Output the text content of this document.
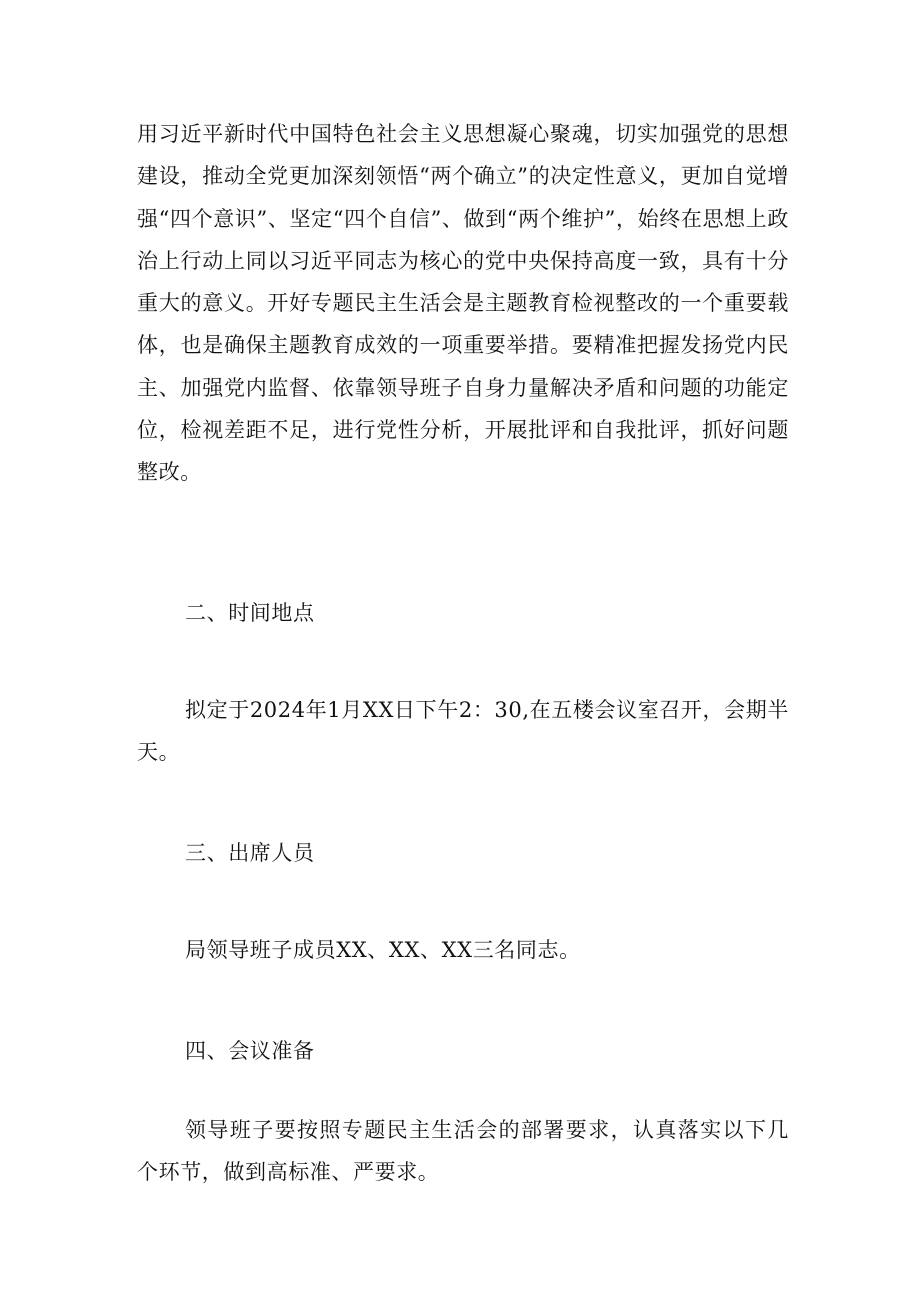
用习近平新时代中国特色社会主义思想凝心聚魂，切实加强党的思想建设，推动全党更加深刻领悟“两个确立”的决定性意义，更加自觉增强“四个意识”、坚定“四个自信”、做到“两个维护”，始终在思想上政治上行动上同以习近平同志为核心的党中央保持高度一致，具有十分重大的意义。开好专题民主生活会是主题教育检视整改的一个重要载体，也是确保主题教育成效的一项重要举措。要精准把握发扬党内民主、加强党内监督、依靠领导班子自身力量解决矛盾和问题的功能定位，检视差距不足，进行党性分析，开展批评和自我批评，抓好问题整改。

二、时间地点

拟定于2024年1月XX日下午2：30,在五楼会议室召开，会期半天。

三、出席人员

局领导班子成员XX、XX、XX三名同志。

四、会议准备

领导班子要按照专题民主生活会的部署要求，认真落实以下几个环节，做到高标准、严要求。
